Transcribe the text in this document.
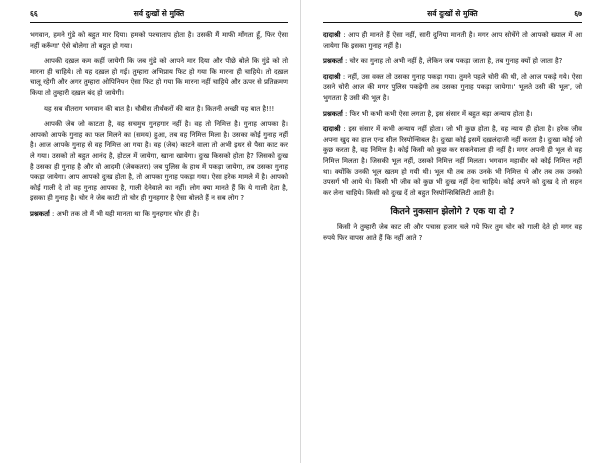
६६	सर्व दुःखों से मुक्ति

भगवान, हमने गुंडे को बहुत मार दिया। हमको पश्चाताप होता है। उसकी मैं माफी माँगता हूँ, फिर ऐसा नहीं करूँगा' ऐसे बोलेगा तो बहुत हो गया।

आपकी दख़ल कम कहीं जायेगी कि जब गुंडे को आपने मार दिया और पीछे बोले कि गुंडे को तो मारना ही चाहिये। तो यह दख़ल हो गई। तुम्हारा अभिप्राय फिट हो गया कि मारना ही चाहिये। तो दख़ल चालू रहेगी और अगर तुम्हारा ओपिनियन ऐसा फिट हो गया कि मारना नहीं चाहिये और ऊपर से प्रतिक्रमण किया तो तुम्हारी दख़ल बंद हो जायेगी।

यह सब वीतराग भगवान की बात है। चौबीस तीर्थंकरों की बात है। कितनी अच्छी यह बात है!!!

आपकी जेब जो काटता है, वह सचमुच गुनहगार नहीं है। वह तो निमित्त है। गुनाह आपका है। आपको आपके गुनाह का फल मिलने का (समय) हुआ, तब वह निमित्त मिला है। उसका कोई गुनाह नहीं है। आज आपके गुनाह से वह निमित्त आ गया है। वह (जेब) काटने वाला तो अभी इधर से पैसा काट कर ले गया। उसको तो बहुत आनंद है, होटल में जायेगा, खाना खायेगा। दुःख किसको होता है? जिसको दुःख है उसका ही गुनाह है और वो आदमी (जेबकतरा) जब पुलिस के हाथ में पकड़ा जायेगा, तब उसका गुनाह पकड़ा जायेगा। आप आपको दुःख होता है, तो आपका गुनाह पकड़ा गया। ऐसा हरेक मामले में है। आपको कोई गाली दे तो वह गुनाह आपका है, गाली देनेवाले का नहीं। लोग क्या मानते हैं कि ये गाली देता है, इसका ही गुनाह है। चोर ने जेब काटी तो चोर ही गुनहगार है ऐसा बोलते हैं न सब लोग ?

प्रश्नकर्ता : अभी तक तो मैं भी यही मानता था कि गुनहगार चोर ही है।

सर्व दुःखों से मुक्ति	६७

दादाश्री : आप ही मानते हैं ऐसा नहीं, सारी दुनिया मानती है। मगर आप सोचेंगे तो आपको ख्याल में आ जायेगा कि इसका गुनाह नहीं है।

प्रश्नकर्ता : चोर का गुनाह तो अभी नहीं है, लेकिन जब पकड़ा जाता है, तब गुनाह क्यों हो जाता है?

दादाश्री : नहीं, उस वक्त तो उसका गुनाह पकड़ा गया। तुमने पहले चोरी की थी, तो आज पकड़े गये। ऐसा उसने चोरी आज की मगर पुलिस पकड़ेगी तब उसका गुनाह पकड़ा जायेगा।' भूलते उसी की भूल', जो भुगतता है उसी की भूल है।

प्रश्नकर्ता : फिर भी कभी कभी ऐसा लगता है, इस संसार में बहुत बड़ा अन्याय होता है।

दादाश्री : इस संसार में कभी अन्याय नहीं होता। जो भी कुछ होता है, वह न्याय ही होता है। हरेक जीव अपना खुद का हाल एन्ड सील रिस्पोन्सिबल है। दुःखा कोई इसमें दख़लंदाजी नहीं करता है। दुःखा कोई जो कुछ करता है, वह निमित्त है। कोई किसी को कुछ कर सकनेवाला ही नहीं है। मगर अपनी ही भूल से वह निमित्त मिलता है। जिसकी भूल नहीं, उसको निमित्त नहीं मिलता। भगवान महावीर को कोई निमित्त नहीं था। क्योंकि उनकी भूल खतम हो गयी थी। भूल थी तब तक उनके भी निमित्त थे और तब तक उनको उपसर्ग भी आये थे। किसी भी जीव को कुछ भी दुःख नहीं देना चाहिये। कोई अपने को दुःख दे तो सहन कर लेना चाहिये। किसी को दुःख दें तो बहुत रिस्पोन्सिबिलिटी आती है।

कितने नुकसान झेलोगे ? एक या दो ?

किसी ने तुम्हारी जेब काट ली और पचास हजार चले गये फिर तुम चोर को गाली देते हो मगर वह रुपये फिर वापस आते हैं कि नहीं आते ?
